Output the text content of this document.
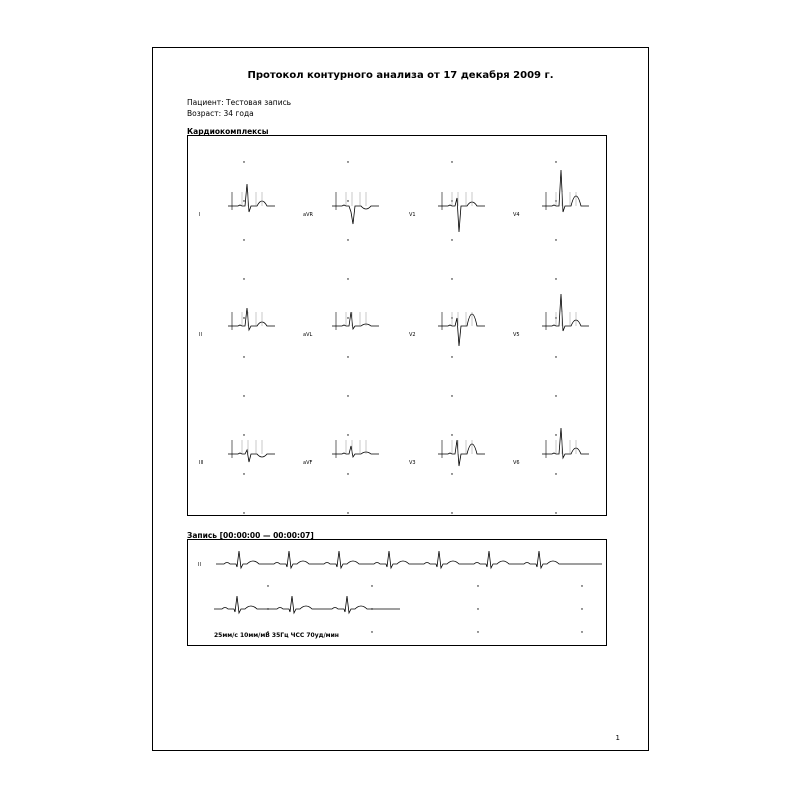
Протокол контурного анализа от 17 декабря 2009 г.
Пациент: Тестовая запись
Возраст: 34 года
Кардиокомплексы
I	aVR	V1	V4
II	aVL	V2	V5
III	aVF	V3	V6
Запись [00:00:00 — 00:00:07]
II
25мм/с 10мм/мВ 35Гц ЧСС 70уд/мин
1
